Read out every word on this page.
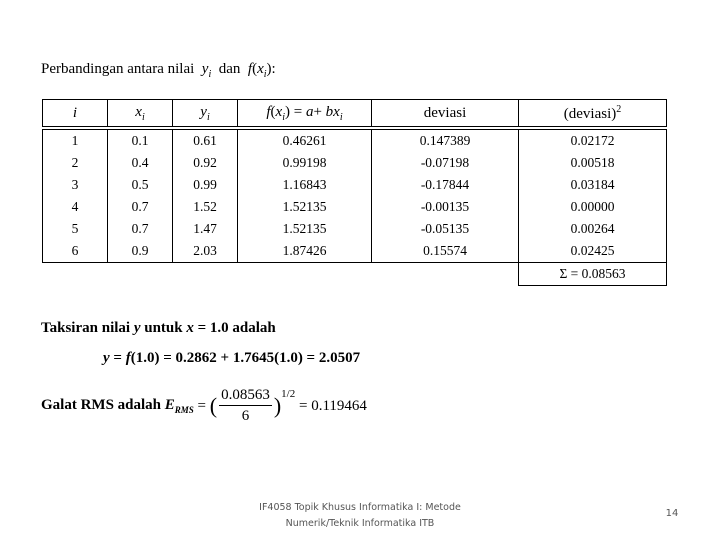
Perbandingan antara nilai $y_i$ dan $f(x_i)$:
i	$x_i$	$y_i$	$f(x_i) = a+ bx_i$	deviasi	(deviasi)$^2$
1	0.1	0.61	0.46261	0.147389	0.02172
2	0.4	0.92	0.99198	-0.07198	0.00518
3	0.5	0.99	1.16843	-0.17844	0.03184
4	0.7	1.52	1.52135	-0.00135	0.00000
5	0.7	1.47	1.52135	-0.05135	0.00264
6	0.9	2.03	1.87426	0.15574	0.02425
					Σ = 0.08563
Taksiran nilai y untuk x = 1.0 adalah
y = f(1.0) = 0.2862 + 1.7645(1.0) = 2.0507
Galat RMS adalah $E_{RMS}$
=
( $\frac{0.08563}{6}$ ) 1/2

= 0.119464
IF4058 Topik Khusus Informatika I: Metode
Numerik/Teknik Informatika ITB
14
